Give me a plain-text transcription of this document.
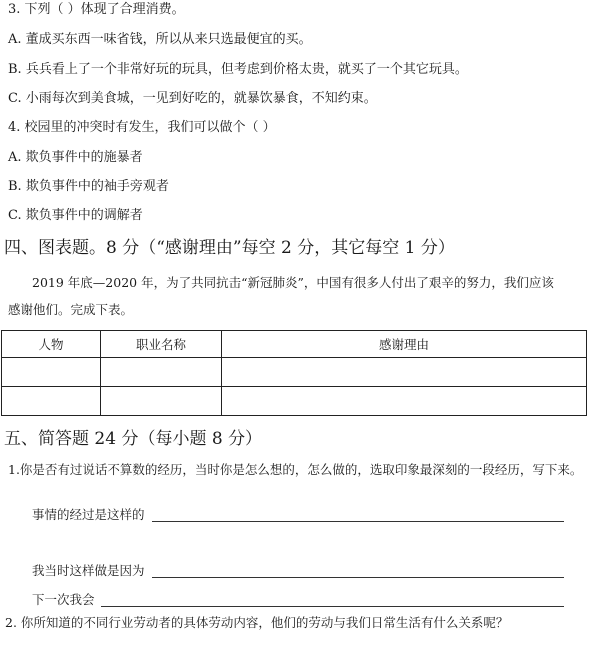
3. 下列（ ）体现了合理消费。
A. 董成买东西一味省钱，所以从来只选最便宜的买。
B. 兵兵看上了一个非常好玩的玩具，但考虑到价格太贵，就买了一个其它玩具。
C. 小雨每次到美食城，一见到好吃的，就暴饮暴食，不知约束。
4. 校园里的冲突时有发生，我们可以做个（ ）
A. 欺负事件中的施暴者
B. 欺负事件中的袖手旁观者
C. 欺负事件中的调解者
四、图表题。8 分（“感谢理由”每空 2 分，其它每空 1 分）
2019 年底—2020 年，为了共同抗击“新冠肺炎”，中国有很多人付出了艰辛的努力，我们应该
感谢他们。完成下表。
人物	职业名称	感谢理由

五、简答题 24 分（每小题 8 分）
1.你是否有过说话不算数的经历，当时你是怎么想的，怎么做的，选取印象最深刻的一段经历，写下来。
事情的经过是这样的
我当时这样做是因为
下一次我会
2. 你所知道的不同行业劳动者的具体劳动内容，他们的劳动与我们日常生活有什么关系呢？
